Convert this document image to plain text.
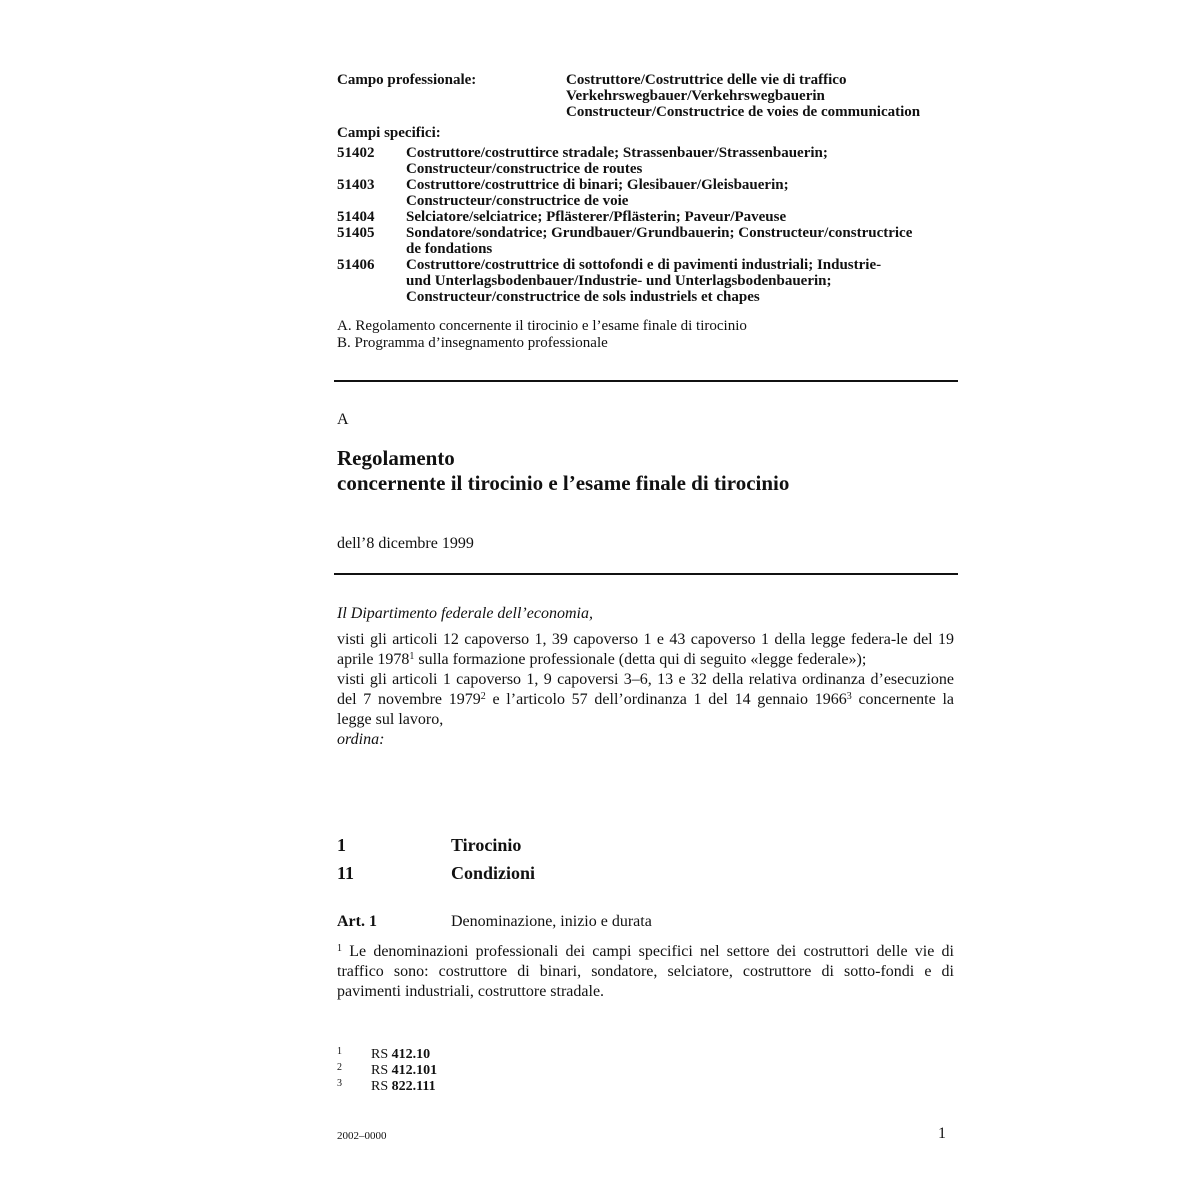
Campo professionale:	Costruttore/Costruttrice delle vie di traffico
Verkehrswegbauer/Verkehrswegbauerin
Constructeur/Constructrice de voies de communication
Campi specifici:
51402	Costruttore/costruttirce stradale; Strassenbauer/Strassenbauerin;
Constructeur/constructrice de routes
51403	Costruttore/costruttrice di binari; Glesibauer/Gleisbauerin;
Constructeur/constructrice de voie
51404	Selciatore/selciatrice; Pflästerer/Pflästerin; Paveur/Paveuse
51405	Sondatore/sondatrice; Grundbauer/Grundbauerin; Constructeur/constructrice
de fondations
51406	Costruttore/costruttrice di sottofondi e di pavimenti industriali; Industrie-
und Unterlagsbodenbauer/Industrie- und Unterlagsbodenbauerin;
Constructeur/constructrice de sols industriels et chapes
A. Regolamento concernente il tirocinio e l’esame finale di tirocinio
B. Programma d’insegnamento professionale
A
Regolamento
concernente il tirocinio e l’esame finale di tirocinio
dell’8 dicembre 1999

Il Dipartimento federale dell’economia,

visti gli articoli 12 capoverso 1, 39 capoverso 1 e 43 capoverso 1 della legge federa-le del 19 aprile 1978$^1$ sulla formazione professionale (detta qui di seguito «legge federale»);

visti gli articoli 1 capoverso 1, 9 capoversi 3–6, 13 e 32 della relativa ordinanza d’esecuzione del 7 novembre 1979$^2$ e l’articolo 57 dell’ordinanza 1 del 14 gennaio 1966$^3$ concernente la legge sul lavoro,

ordina:

1	Tirocinio
11	Condizioni
Art. 1	Denominazione, inizio e durata
$^1$ Le denominazioni professionali dei campi specifici nel settore dei costruttori delle vie di traffico sono: costruttore di binari, sondatore, selciatore, costruttore di sotto-fondi e di pavimenti industriali, costruttore stradale.
1	RS 412.10
2	RS 412.101
3	RS 822.111
2002–0000	1
